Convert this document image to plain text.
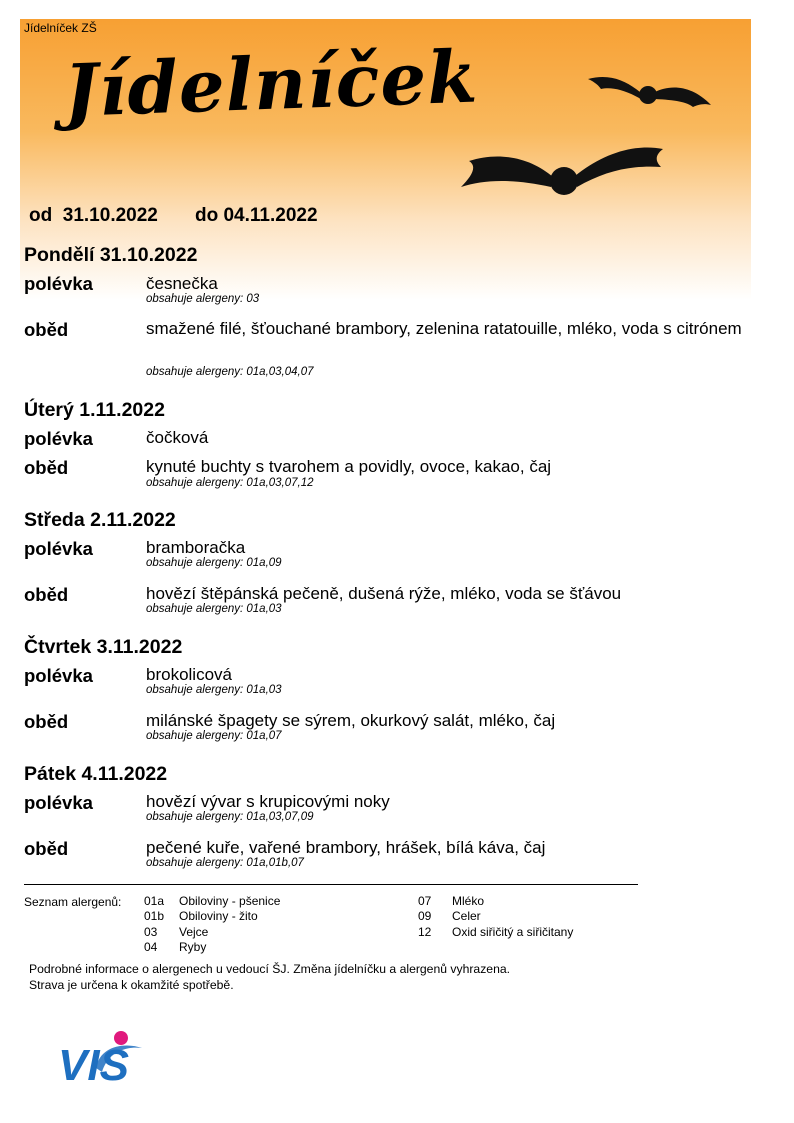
Jídelníček ZŠ
Jídelníček
od  31.10.2022 do 04.11.2022
Pondělí 31.10.2022
polévka	česnečka
obsahuje alergeny: 03
oběd	smažené filé, šťouchané brambory, zelenina ratatouille, mléko, voda s citrónem
obsahuje alergeny: 01a,03,04,07
Úterý 1.11.2022
polévka	čočková
oběd	kynuté buchty s tvarohem a povidly, ovoce, kakao, čaj
obsahuje alergeny: 01a,03,07,12
Středa 2.11.2022
polévka	bramboračka
obsahuje alergeny: 01a,09
oběd	hovězí štěpánská pečeně, dušená rýže, mléko, voda se šťávou
obsahuje alergeny: 01a,03
Čtvrtek 3.11.2022
polévka	brokolicová
obsahuje alergeny: 01a,03
oběd	milánské špagety se sýrem, okurkový salát, mléko, čaj
obsahuje alergeny: 01a,07
Pátek 4.11.2022
polévka	hovězí vývar s krupicovými noky
obsahuje alergeny: 01a,03,07,09
oběd	pečené kuře, vařené brambory, hrášek, bílá káva, čaj
obsahuje alergeny: 01a,01b,07
Seznam alergenů: 01a Obiloviny - pšenice
01b Obiloviny - žito
03 Vejce
04 Ryby
07 Mléko
09 Celer
12 Oxid siřičitý a siřičitany
Podrobné informace o alergenech u vedoucí ŠJ. Změna jídelníčku a alergenů vyhrazena.
Strava je určena k okamžité spotřebě.
VIS
